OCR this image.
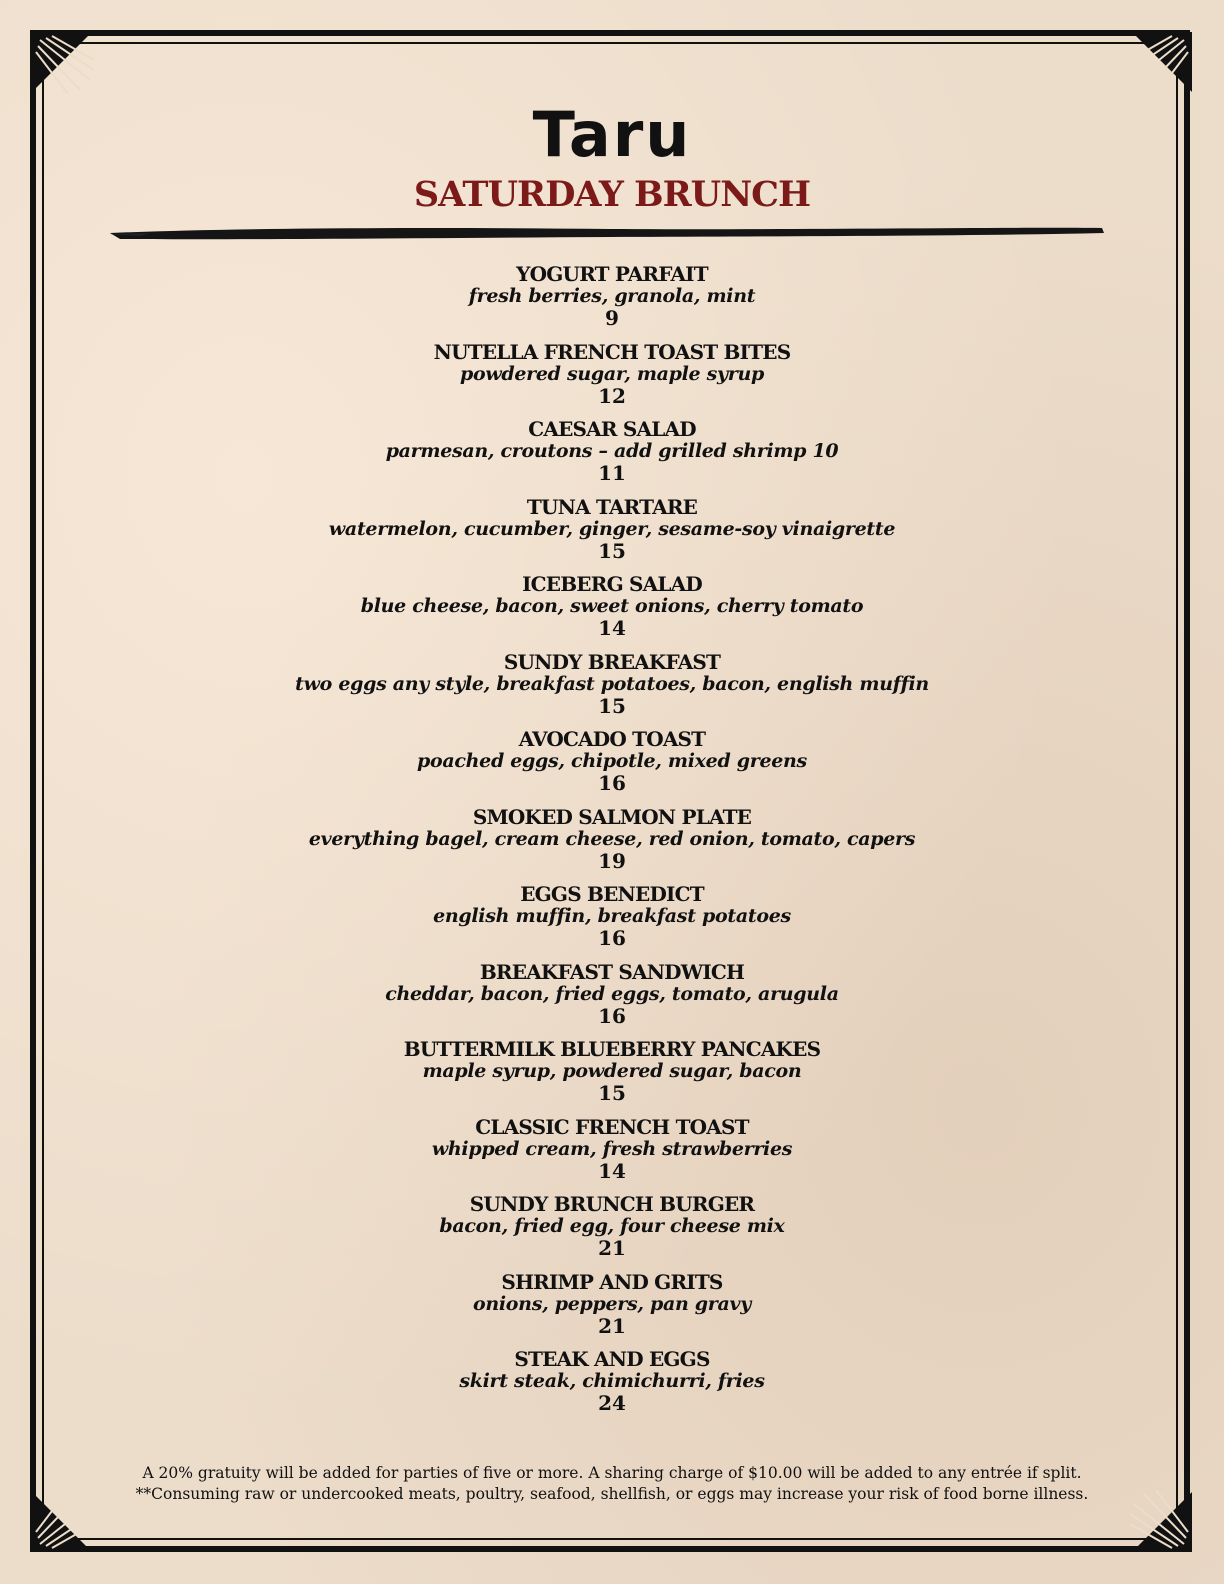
Taru
SATURDAY BRUNCH
YOGURT PARFAIT
fresh berries, granola, mint
9
NUTELLA FRENCH TOAST BITES
powdered sugar, maple syrup
12
CAESAR SALAD
parmesan, croutons – add grilled shrimp 10
11
TUNA TARTARE
watermelon, cucumber, ginger, sesame-soy vinaigrette
15
ICEBERG SALAD
blue cheese, bacon, sweet onions, cherry tomato
14
SUNDY BREAKFAST
two eggs any style, breakfast potatoes, bacon, english muffin
15
AVOCADO TOAST
poached eggs, chipotle, mixed greens
16
SMOKED SALMON PLATE
everything bagel, cream cheese, red onion, tomato, capers
19
EGGS BENEDICT
english muffin, breakfast potatoes
16
BREAKFAST SANDWICH
cheddar, bacon, fried eggs, tomato, arugula
16
BUTTERMILK BLUEBERRY PANCAKES
maple syrup, powdered sugar, bacon
15
CLASSIC FRENCH TOAST
whipped cream, fresh strawberries
14
SUNDY BRUNCH BURGER
bacon, fried egg, four cheese mix
21
SHRIMP AND GRITS
onions, peppers, pan gravy
21
STEAK AND EGGS
skirt steak, chimichurri, fries
24
A 20% gratuity will be added for parties of five or more. A sharing charge of $10.00 will be added to any entrée if split.
**Consuming raw or undercooked meats, poultry, seafood, shellfish, or eggs may increase your risk of food borne illness.
